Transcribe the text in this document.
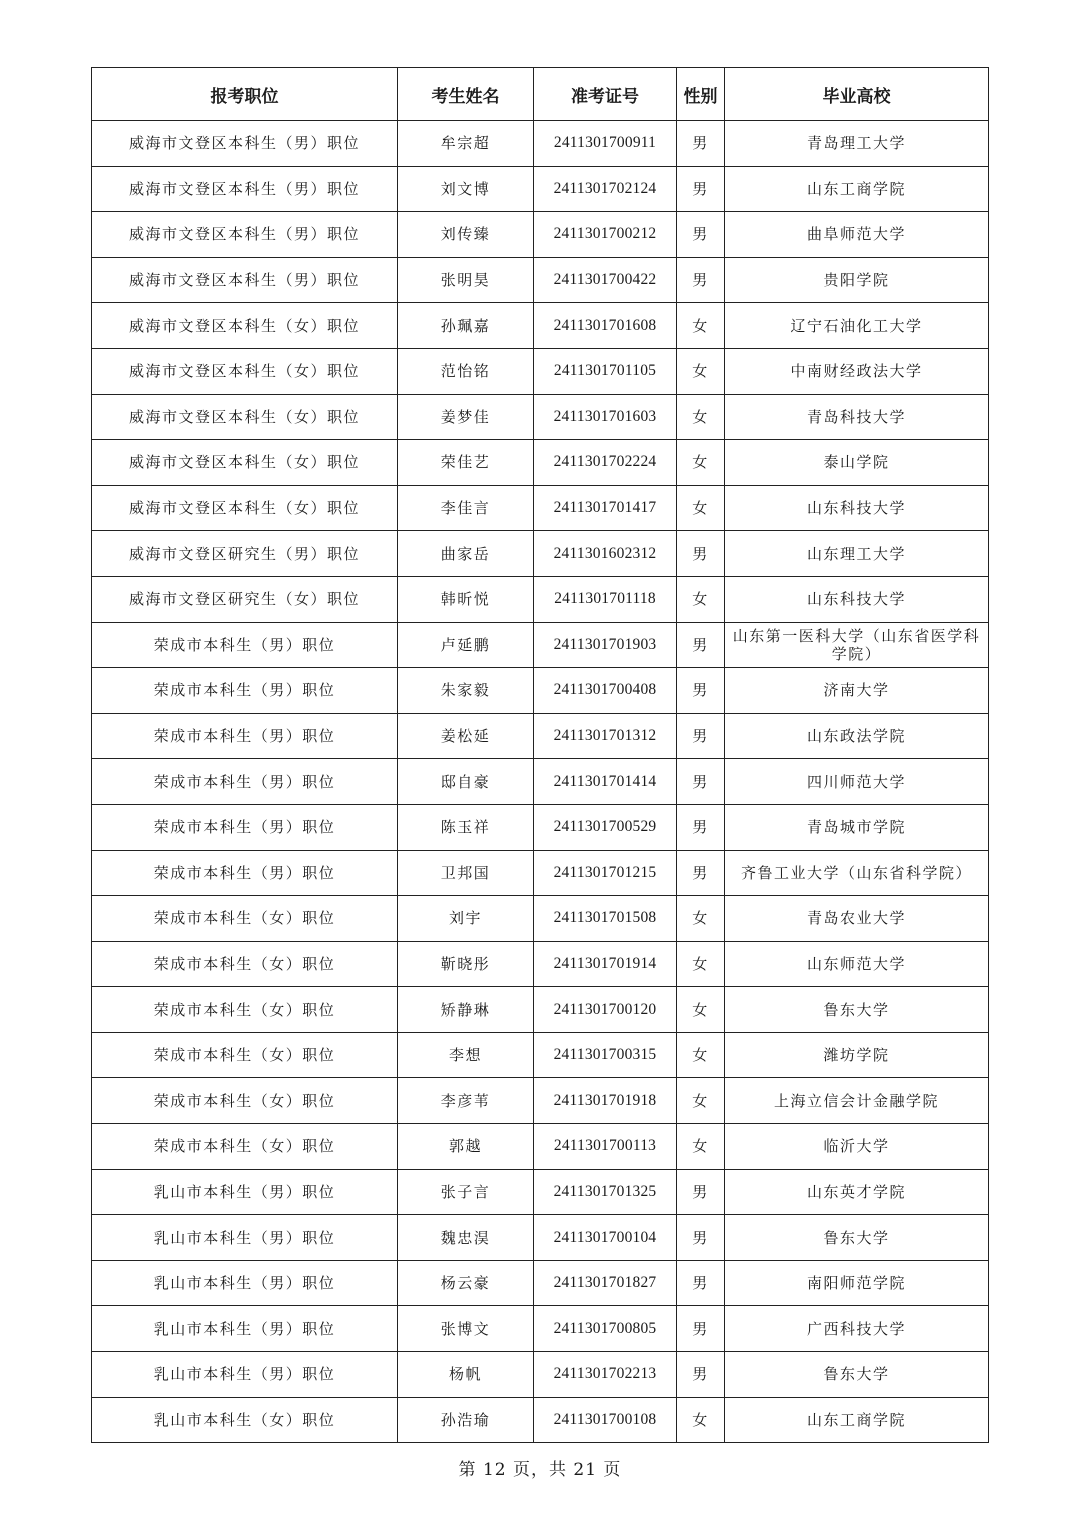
报考职位	考生姓名	准考证号	性别	毕业高校
威海市文登区本科生（男）职位	牟宗超	2411301700911	男	青岛理工大学
威海市文登区本科生（男）职位	刘文博	2411301702124	男	山东工商学院
威海市文登区本科生（男）职位	刘传臻	2411301700212	男	曲阜师范大学
威海市文登区本科生（男）职位	张明昊	2411301700422	男	贵阳学院
威海市文登区本科生（女）职位	孙珮嘉	2411301701608	女	辽宁石油化工大学
威海市文登区本科生（女）职位	范怡铭	2411301701105	女	中南财经政法大学
威海市文登区本科生（女）职位	姜梦佳	2411301701603	女	青岛科技大学
威海市文登区本科生（女）职位	荣佳艺	2411301702224	女	泰山学院
威海市文登区本科生（女）职位	李佳言	2411301701417	女	山东科技大学
威海市文登区研究生（男）职位	曲家岳	2411301602312	男	山东理工大学
威海市文登区研究生（女）职位	韩昕悦	2411301701118	女	山东科技大学
荣成市本科生（男）职位	卢延鹏	2411301701903	男	山东第一医科大学（山东省医学科学院）
荣成市本科生（男）职位	朱家毅	2411301700408	男	济南大学
荣成市本科生（男）职位	姜松延	2411301701312	男	山东政法学院
荣成市本科生（男）职位	邸自豪	2411301701414	男	四川师范大学
荣成市本科生（男）职位	陈玉祥	2411301700529	男	青岛城市学院
荣成市本科生（男）职位	卫邦国	2411301701215	男	齐鲁工业大学（山东省科学院）
荣成市本科生（女）职位	刘宇	2411301701508	女	青岛农业大学
荣成市本科生（女）职位	靳晓彤	2411301701914	女	山东师范大学
荣成市本科生（女）职位	矫静琳	2411301700120	女	鲁东大学
荣成市本科生（女）职位	李想	2411301700315	女	潍坊学院
荣成市本科生（女）职位	李彦苇	2411301701918	女	上海立信会计金融学院
荣成市本科生（女）职位	郭越	2411301700113	女	临沂大学
乳山市本科生（男）职位	张子言	2411301701325	男	山东英才学院
乳山市本科生（男）职位	魏忠淏	2411301700104	男	鲁东大学
乳山市本科生（男）职位	杨云豪	2411301701827	男	南阳师范学院
乳山市本科生（男）职位	张博文	2411301700805	男	广西科技大学
乳山市本科生（男）职位	杨帆	2411301702213	男	鲁东大学
乳山市本科生（女）职位	孙浩瑜	2411301700108	女	山东工商学院
第 12 页，共 21 页
